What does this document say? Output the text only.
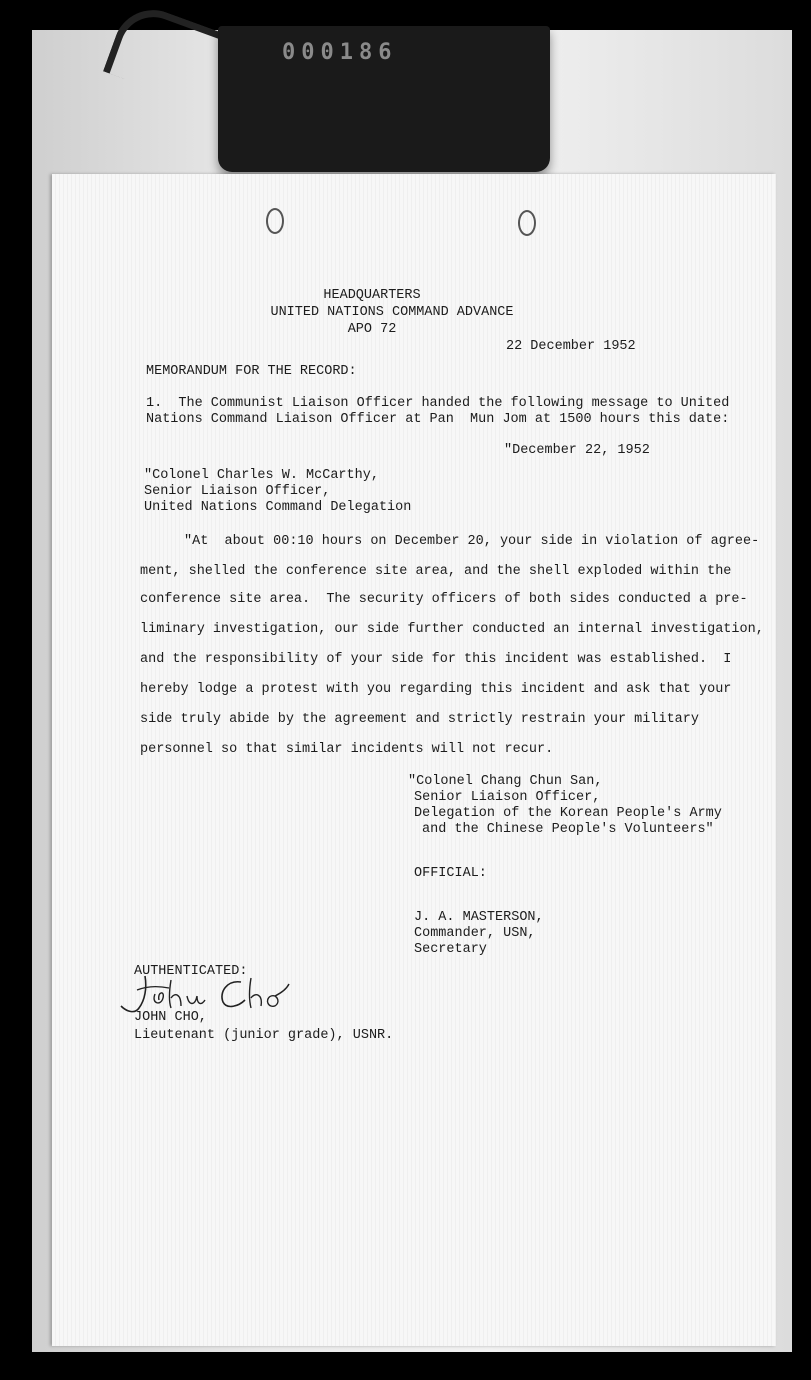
000186
HEADQUARTERS
UNITED NATIONS COMMAND ADVANCE
APO 72
22 December 1952
MEMORANDUM FOR THE RECORD:
1.  The Communist Liaison Officer handed the following message to United
Nations Command Liaison Officer at Pan  Mun Jom at 1500 hours this date:
"December 22, 1952
"Colonel Charles W. McCarthy,
Senior Liaison Officer,
United Nations Command Delegation
"At  about 00:10 hours on December 20, your side in violation of agree-
ment, shelled the conference site area, and the shell exploded within the
conference site area.  The security officers of both sides conducted a pre-
liminary investigation, our side further conducted an internal investigation,
and the responsibility of your side for this incident was established.  I
hereby lodge a protest with you regarding this incident and ask that your
side truly abide by the agreement and strictly restrain your military
personnel so that similar incidents will not recur.
"Colonel Chang Chun San,
Senior Liaison Officer,
Delegation of the Korean People's Army
and the Chinese People's Volunteers"
OFFICIAL:
J. A. MASTERSON,
Commander, USN,
Secretary
AUTHENTICATED:
JOHN CHO,
Lieutenant (junior grade), USNR.
